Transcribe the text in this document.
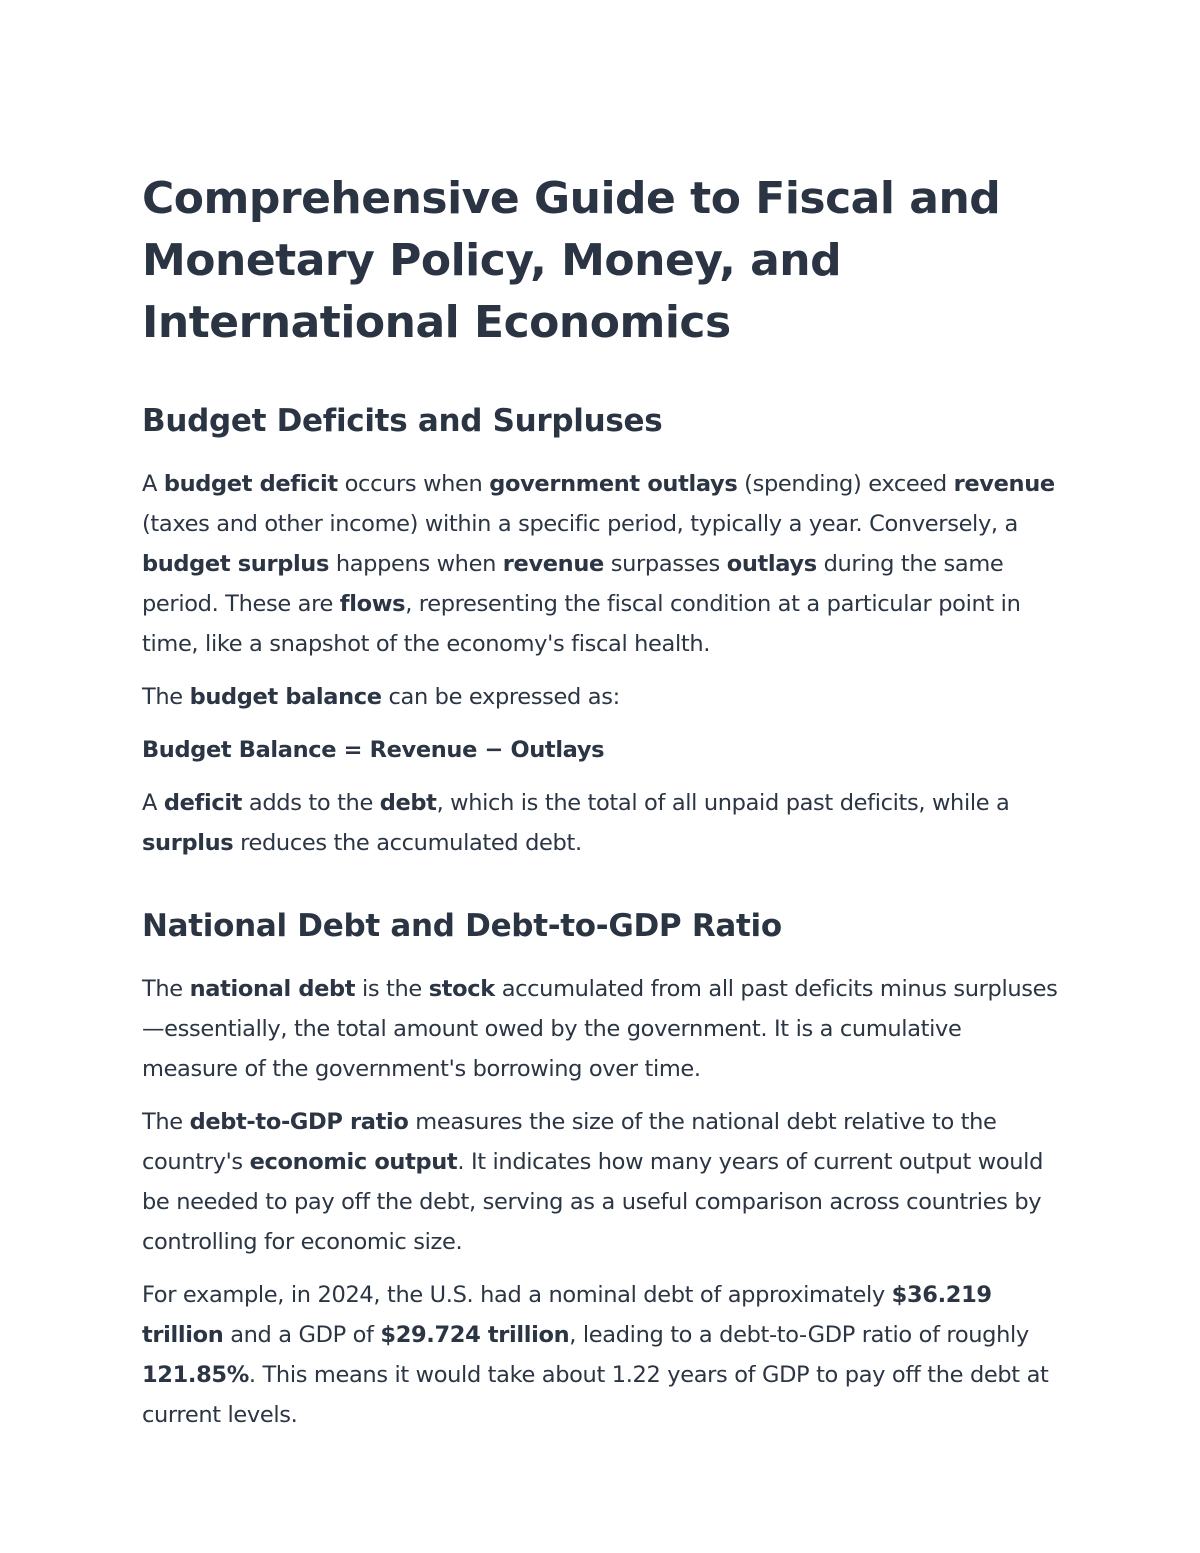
Comprehensive Guide to Fiscal and Monetary Policy, Money, and International Economics
Budget Deficits and Surpluses

A budget deficit occurs when government outlays (spending) exceed revenue (taxes and other income) within a specific period, typically a year. Conversely, a budget surplus happens when revenue surpasses outlays during the same period. These are flows, representing the fiscal condition at a particular point in time, like a snapshot of the economy's fiscal health.

The budget balance can be expressed as:

Budget Balance = Revenue − Outlays

A deficit adds to the debt, which is the total of all unpaid past deficits, while a surplus reduces the accumulated debt.

National Debt and Debt-to-GDP Ratio

The national debt is the stock accumulated from all past deficits minus surpluses—essentially, the total amount owed by the government. It is a cumulative measure of the government's borrowing over time.

The debt-to-GDP ratio measures the size of the national debt relative to the country's economic output. It indicates how many years of current output would be needed to pay off the debt, serving as a useful comparison across countries by controlling for economic size.

For example, in 2024, the U.S. had a nominal debt of approximately $36.219 trillion and a GDP of $29.724 trillion, leading to a debt-to-GDP ratio of roughly 121.85%. This means it would take about 1.22 years of GDP to pay off the debt at current levels.
